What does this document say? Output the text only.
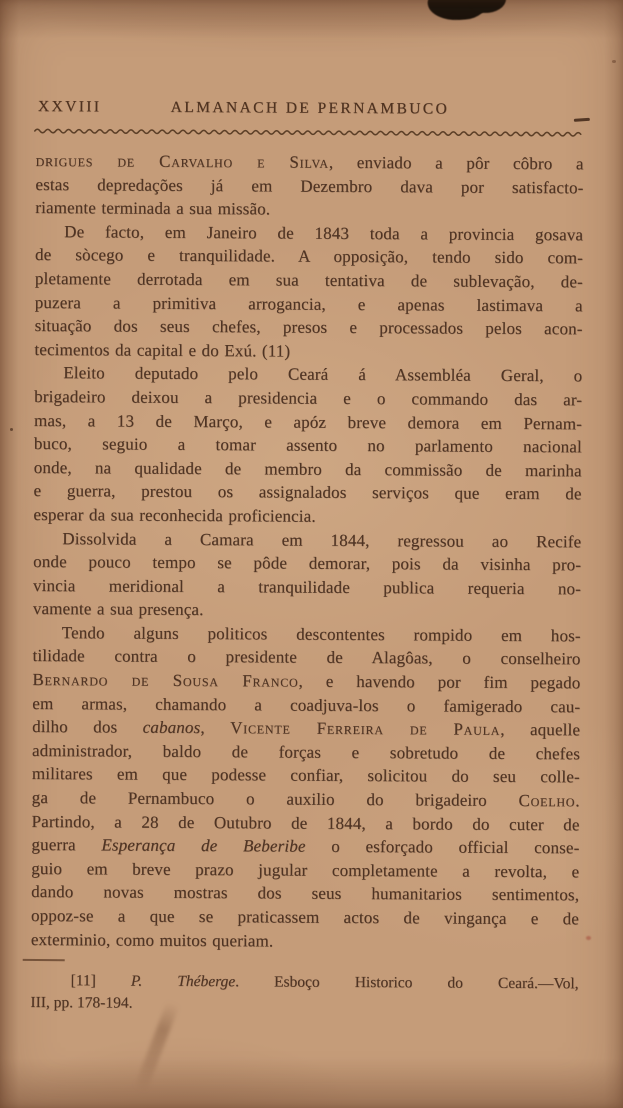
XXVIII	ALMANACH DE PERNAMBUCO
drigues de Carvalho e Silva, enviado a pôr côbro a
estas depredações já em Dezembro dava por satisfacto-
riamente terminada a sua missão.
De facto, em Janeiro de 1843 toda a provincia gosava
de sòcego e tranquilidade. A opposição, tendo sido com-
pletamente derrotada em sua tentativa de sublevação, de-
puzera a primitiva arrogancia, e apenas lastimava a
situação dos seus chefes, presos e processados pelos acon-
tecimentos da capital e do Exú. (11)
Eleito deputado pelo Ceará á Assembléa Geral, o
brigadeiro deixou a presidencia e o commando das ar-
mas, a 13 de Março, e apóz breve demora em Pernam-
buco, seguio a tomar assento no parlamento nacional
onde, na qualidade de membro da commissão de marinha
e guerra, prestou os assignalados serviços que eram de
esperar da sua reconhecida proficiencia.
Dissolvida a Camara em 1844, regressou ao Recife
onde pouco tempo se pôde demorar, pois da visinha pro-
vincia meridional a tranquilidade publica requeria no-
vamente a sua presença.
Tendo alguns politicos descontentes rompido em hos-
tilidade contra o presidente de Alagôas, o conselheiro
Bernardo de Sousa Franco, e havendo por fim pegado
em armas, chamando a coadjuva-los o famigerado cau-
dilho dos cabanos, Vicente Ferreira de Paula, aquelle
administrador, baldo de forças e sobretudo de chefes
militares em que podesse confiar, solicitou do seu colle-
ga de Pernambuco o auxilio do brigadeiro Coelho.
Partindo, a 28 de Outubro de 1844, a bordo do cuter de
guerra Esperança de Beberibe o esforçado official conse-
guio em breve prazo jugular completamente a revolta, e
dando novas mostras dos seus humanitarios sentimentos,
oppoz-se a que se praticassem actos de vingança e de
exterminio, como muitos queriam.
[11] P. Théberge. Esboço Historico do Ceará.—Vol,
III, pp. 178-194.
